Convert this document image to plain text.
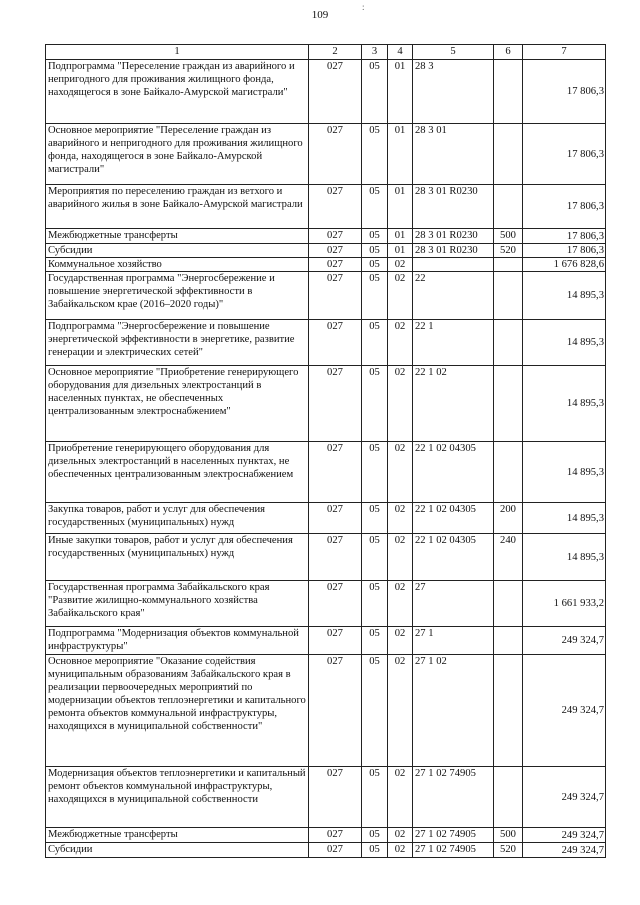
109
:
1	2	3	4	5	6	7
Подпрограмма "Переселение граждан из аварийного и непригодного для проживания жилищного фонда, находящегося в зоне Байкало-Амурской магистрали"	027	05	01	28 3		17 806,3
Основное мероприятие "Переселение граждан из аварийного и непригодного для проживания жилищного фонда, находящегося в зоне Байкало-Амурской магистрали"	027	05	01	28 3 01		17 806,3
Мероприятия по переселению граждан из ветхого и аварийного жилья в зоне Байкало-Амурской магистрали	027	05	01	28 3 01 R0230		17 806,3
Межбюджетные трансферты	027	05	01	28 3 01 R0230	500	17 806,3
Субсидии	027	05	01	28 3 01 R0230	520	17 806,3
Коммунальное хозяйство	027	05	02			1 676 828,6
Государственная программа "Энергосбережение и повышение энергетической эффективности в Забайкальском крае (2016–2020 годы)"	027	05	02	22		14 895,3
Подпрограмма "Энергосбережение и повышение энергетической эффективности в энергетике, развитие генерации и электрических сетей"	027	05	02	22 1		14 895,3
Основное мероприятие "Приобретение генерирующего оборудования для дизельных электростанций в населенных пунктах, не обеспеченных централизованным электроснабжением"	027	05	02	22 1 02		14 895,3
Приобретение генерирующего оборудования для дизельных электростанций в населенных пунктах, не обеспеченных централизованным электроснабжением	027	05	02	22 1 02 04305		14 895,3
Закупка товаров, работ и услуг для обеспечения государственных (муниципальных) нужд	027	05	02	22 1 02 04305	200	14 895,3
Иные закупки товаров, работ и услуг для обеспечения государственных (муниципальных) нужд	027	05	02	22 1 02 04305	240	14 895,3
Государственная программа Забайкальского края "Развитие жилищно-коммунального хозяйства Забайкальского края"	027	05	02	27		1 661 933,2
Подпрограмма "Модернизация объектов коммунальной инфраструктуры"	027	05	02	27 1		249 324,7
Основное мероприятие "Оказание содействия муниципальным образованиям Забайкальского края в реализации первоочередных мероприятий по модернизации объектов теплоэнергетики и капитального ремонта объектов коммунальной инфраструктуры, находящихся в муниципальной собственности"	027	05	02	27 1 02		249 324,7
Модернизация объектов теплоэнергетики и капитальный ремонт объектов коммунальной инфраструктуры, находящихся в муниципальной собственности	027	05	02	27 1 02 74905		249 324,7
Межбюджетные трансферты	027	05	02	27 1 02 74905	500	249 324,7
Субсидии	027	05	02	27 1 02 74905	520	249 324,7
